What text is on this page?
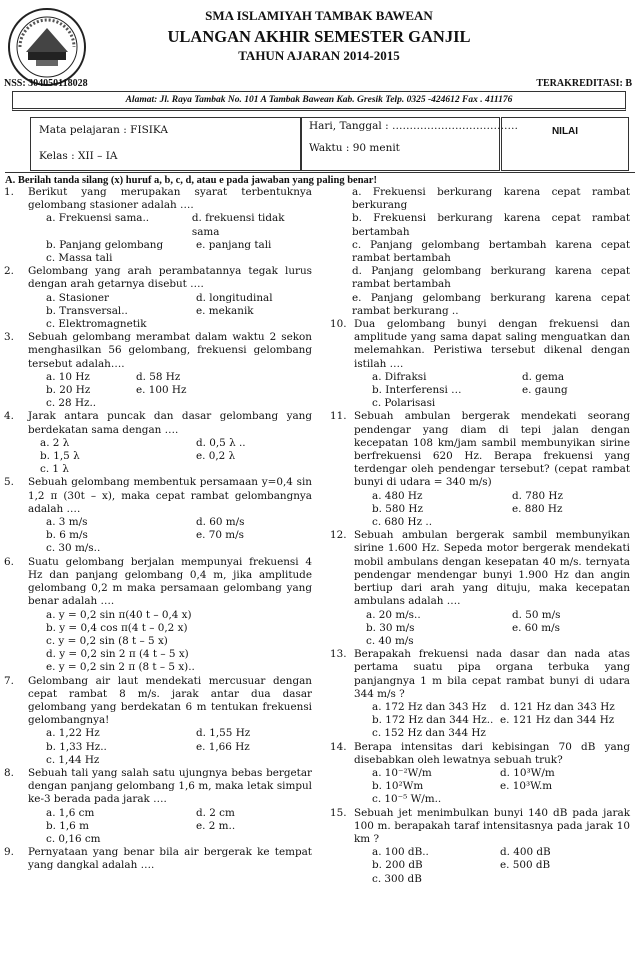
SMA ISLAMIYAH TAMBAK BAWEAN
ULANGAN AKHIR SEMESTER GANJIL
TAHUN AJARAN 2014-2015
NSS: 304050118028	TERAKREDITASI: B
Alamat: Jl. Raya Tambak No. 101 A Tambak Bawean Kab. Gresik Telp. 0325 -424612 Fax . 411176
Mata pelajaran : FISIKA
Kelas : XII – IA
Hari, Tanggal : ………………………………
Waktu : 90 menit
NILAI
A. Berilah tanda silang (x) huruf a, b, c, d, atau e pada jawaban yang paling benar!
1. Berikut yang merupakan syarat terbentuknya gelombang stasioner adalah ….
a. Frekuensi sama..	d. frekuensi tidak sama
b. Panjang gelombang	e. panjang tali
c. Massa tali
2. Gelombang yang arah perambatannya tegak lurus dengan arah getarnya disebut ….
a. Stasioner	d. longitudinal
b. Transversal..	e. mekanik
c. Elektromagnetik
3. Sebuah gelombang merambat dalam waktu 2 sekon menghasilkan 56 gelombang, frekuensi gelombang tersebut adalah….
a. 10 Hz	d. 58 Hz
b. 20 Hz	e. 100 Hz
c. 28 Hz..
4. Jarak antara puncak dan dasar gelombang yang berdekatan sama dengan ….
a. 2 λ	d. 0,5 λ ..
b. 1,5 λ	e. 0,2 λ
c. 1 λ
5. Sebuah gelombang membentuk persamaan y=0,4 sin 1,2 π (30t – x), maka cepat rambat gelombangnya adalah ….
a. 3 m/s	d. 60 m/s
b. 6 m/s	e. 70 m/s
c. 30 m/s..
6. Suatu gelombang berjalan mempunyai frekuensi 4 Hz dan panjang gelombang 0,4 m, jika amplitude gelombang 0,2 m maka persamaan gelombang yang benar adalah ….
a. y = 0,2 sin π(40 t – 0,4 x)
b. y = 0,4 cos π(4 t – 0,2 x)
c. y = 0,2 sin (8 t – 5 x)
d. y = 0,2 sin 2 π (4 t – 5 x)
e. y = 0,2 sin 2 π (8 t – 5 x)..
7. Gelombang air laut mendekati mercusuar dengan cepat rambat 8 m/s. jarak antar dua dasar gelombang yang berdekatan 6 m tentukan frekuensi gelombangnya!
a. 1,22 Hz	d. 1,55 Hz
b. 1,33 Hz..	e. 1,66 Hz
c. 1,44 Hz
8. Sebuah tali yang salah satu ujungnya bebas bergetar dengan panjang gelombang 1,6 m, maka letak simpul ke-3 berada pada jarak ….
a. 1,6 cm	d. 2 cm
b. 1,6 m	e. 2 m..
c. 0,16 cm
9. Pernyataan yang benar bila air bergerak ke tempat yang dangkal adalah ….
a. Frekuensi berkurang karena cepat rambat berkurang
b. Frekuensi berkurang karena cepat rambat bertambah
c. Panjang gelombang bertambah karena cepat rambat bertambah
d. Panjang gelombang berkurang karena cepat rambat bertambah
e. Panjang gelombang berkurang karena cepat rambat berkurang ..
10. Dua gelombang bunyi dengan frekuensi dan amplitude yang sama dapat saling menguatkan dan melemahkan. Peristiwa tersebut dikenal dengan istilah ….
a. Difraksi	d. gema
b. Interferensi …	e. gaung
c. Polarisasi
11. Sebuah ambulan bergerak mendekati seorang pendengar yang diam di tepi jalan dengan kecepatan 108 km/jam sambil membunyikan sirine berfrekuensi 620 Hz. Berapa frekuensi yang terdengar oleh pendengar tersebut? (cepat rambat bunyi di udara = 340 m/s)
a. 480 Hz	d. 780 Hz
b. 580 Hz	e. 880 Hz
c. 680 Hz ..
12. Sebuah ambulan bergerak sambil membunyikan sirine 1.600 Hz. Sepeda motor bergerak mendekati mobil ambulans dengan kesepatan 40 m/s. ternyata pendengar mendengar bunyi 1.900 Hz dan angin bertiup dari arah yang dituju, maka kecepatan ambulans adalah ….
a. 20 m/s..	d. 50 m/s
b. 30 m/s	e. 60 m/s
c. 40 m/s
13. Berapakah frekuensi nada dasar dan nada atas pertama suatu pipa organa terbuka yang panjangnya 1 m bila cepat rambat bunyi di udara 344 m/s ?
a. 172 Hz dan 343 Hz	d. 121 Hz dan 343 Hz
b. 172 Hz dan 344 Hz.. e. 121 Hz dan 344 Hz
c. 152 Hz dan 344 Hz
14. Berapa intensitas dari kebisingan 70 dB yang disebabkan oleh lewatnya sebuah truk?
a. 10⁻²W/m	d. 10³W/m
b. 10²Wm	e. 10³W.m
c. 10⁻⁵ W/m..
15. Sebuah jet menimbulkan bunyi 140 dB pada jarak 100 m. berapakah taraf intensitasnya pada jarak 10 km ?
a. 100 dB..	d. 400 dB
b. 200 dB	e. 500 dB
c. 300 dB
